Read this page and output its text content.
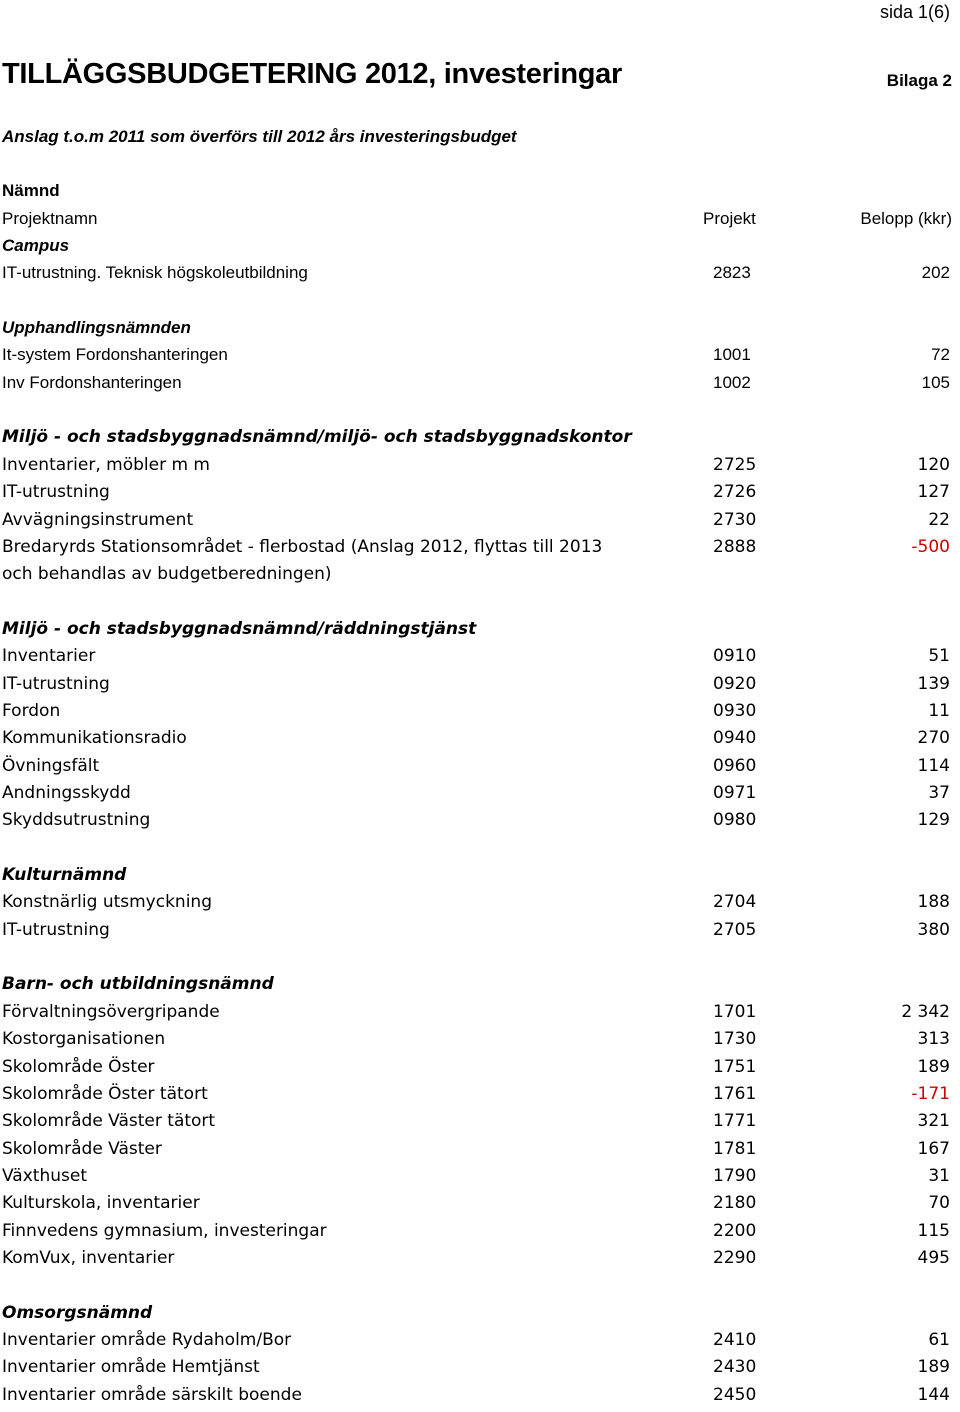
sida 1(6)
TILLÄGGSBUDGETERING 2012, investeringar	Bilaga 2
Anslag t.o.m 2011 som överförs till 2012 års investeringsbudget
Nämnd
Projektnamn	Projekt	Belopp (kkr)
Campus
IT-utrustning. Teknisk högskoleutbildning	2823	202
Upphandlingsnämnden
It-system Fordonshanteringen	1001	72
Inv Fordonshanteringen	1002	105
Miljö - och stadsbyggnadsnämnd/miljö- och stadsbyggnadskontor
Inventarier, möbler m m	2725	120
IT-utrustning	2726	127
Avvägningsinstrument	2730	22
Bredaryrds Stationsområdet - flerbostad (Anslag 2012, flyttas till 2013	2888	-500
och behandlas av budgetberedningen)
Miljö - och stadsbyggnadsnämnd/räddningstjänst
Inventarier	0910	51
IT-utrustning	0920	139
Fordon	0930	11
Kommunikationsradio	0940	270
Övningsfält	0960	114
Andningsskydd	0971	37
Skyddsutrustning	0980	129
Kulturnämnd
Konstnärlig utsmyckning	2704	188
IT-utrustning	2705	380
Barn- och utbildningsnämnd
Förvaltningsövergripande	1701	2 342
Kostorganisationen	1730	313
Skolområde Öster	1751	189
Skolområde Öster tätort	1761	-171
Skolområde Väster tätort	1771	321
Skolområde Väster	1781	167
Växthuset	1790	31
Kulturskola, inventarier	2180	70
Finnvedens gymnasium, investeringar	2200	115
KomVux, inventarier	2290	495
Omsorgsnämnd
Inventarier område Rydaholm/Bor	2410	61
Inventarier område Hemtjänst	2430	189
Inventarier område särskilt boende	2450	144
